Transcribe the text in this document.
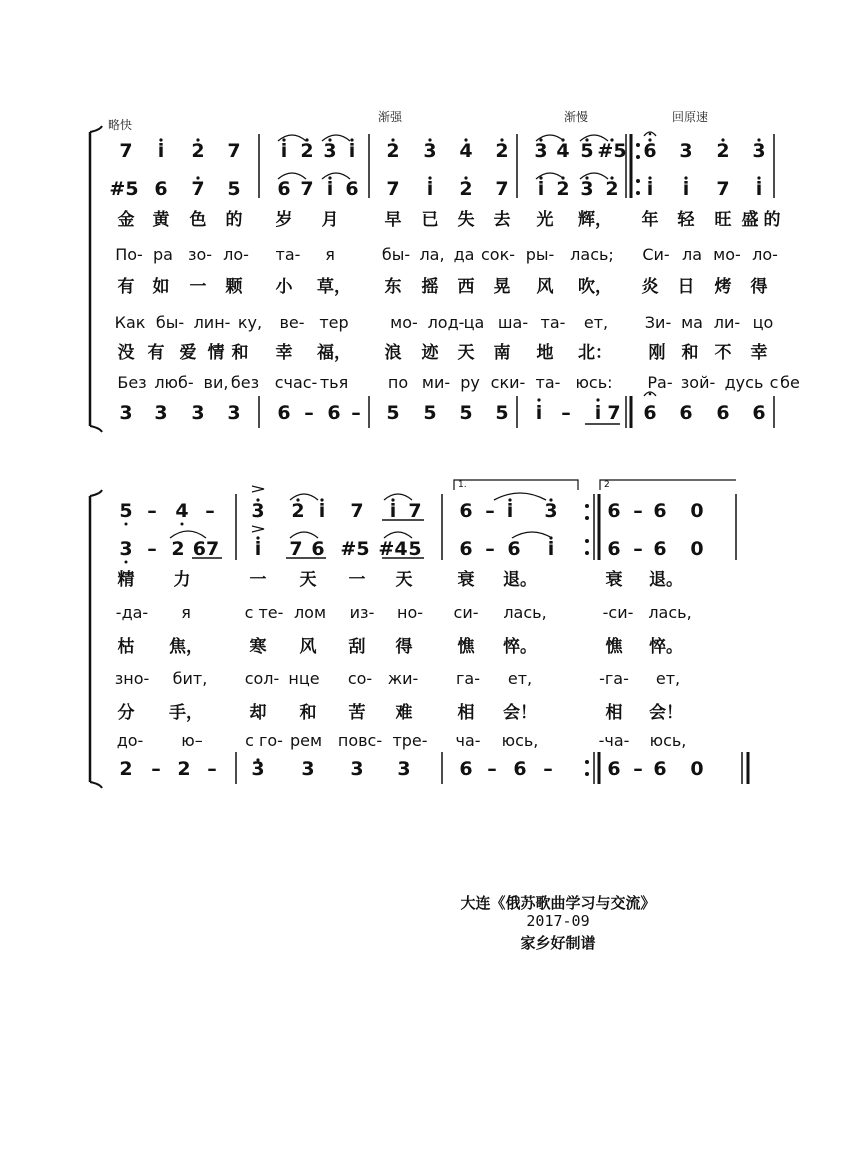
略快
渐强	渐慢	回原速
7 i 2 7 i 2 3 i 2 3 4 2 3 4 5 #5 6 3 2 3
#5 6 7 5 6 7 i 6 7 i 2 7 i 2 3 2 i i 7 i
金 黄 色 的 岁 月	早 已 失 去 光 辉， 年 轻 旺 盛 的
По- ра зо- ло- та- я	бы- ла, да сок- ры- лась; Си- ла мо- ло-
有 如 一 颗 小 草， 东 摇 西 晃 风 吹， 炎 日 烤 得
Как бы- лин- ку, ве- тер	мо- лод- ца ша- та- ет, Зи- ма ли- цо
没 有 爱 情 和 幸 福， 浪 迹 天 南 地 北： 刚 和 不 幸
Без люб- ви, без счас- тья по ми- ру ски- та- юсь: Ра- зой- дусь с бе
3 3 3 3 6 – 6 – 5 5 5 5 i – i 7 6 6 6 6
1.	2
5 – 4 – 3 2 i 7 i 7 6 – i 3	6 – 6 0
3 – 2 67 i 7 6 #5 #4 5 6 – 6 i	6 – 6 0
精 力	一 天 一 天	衰 退。	衰 退。
-да- я	с те- лом из- но- си- лась,	-си- лась,
枯 焦，	寒 风 刮 得	憔 悴。	憔 悴。
зно- бит, сол- нце со- жи- га- ет,	-га- ет,
分 手，	却 和 苦 难	相 会！	相 会！
до- ю–	с го- рем повс- тре- ча- юсь,	-ча- юсь,
2 – 2 – 3 3 3 3	6 – 6 –	6 – 6 0
大连《俄苏歌曲学习与交流》
2017-09
家乡好制谱
